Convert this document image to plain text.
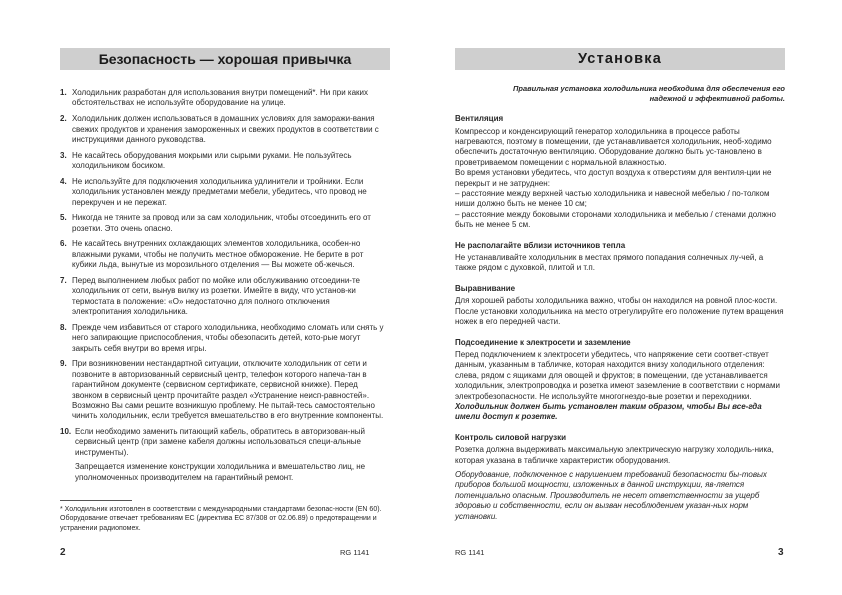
Безопасность — хорошая привычка
1. Холодильник разработан для использования внутри помещений*. Ни при каких обстоятельствах не используйте оборудование на улице.
2. Холодильник должен использоваться в домашних условиях для заморажи-вания свежих продуктов и хранения замороженных и свежих продуктов в соответствии с инструкциями данного руководства.
3. Не касайтесь оборудования мокрыми или сырыми руками. Не пользуйтесь холодильником босиком.
4. Не используйте для подключения холодильника удлинители и тройники. Если холодильник установлен между предметами мебели, убедитесь, что провод не перекручен и не пережат.
5. Никогда не тяните за провод или за сам холодильник, чтобы отсоединить его от розетки. Это очень опасно.
6. Не касайтесь внутренних охлаждающих элементов холодильника, особен-но влажными руками, чтобы не получить местное обморожение. Не берите в рот кубики льда, вынутые из морозильного отделения — Вы можете об-жечься.
7. Перед выполнением любых работ по мойке или обслуживанию отсоедини-те холодильник от сети, вынув вилку из розетки. Имейте в виду, что установ-ки термостата в положение: «O» недостаточно для полного отключения электропитания холодильника.
8. Прежде чем избавиться от старого холодильника, необходимо сломать или снять у него запирающие приспособления, чтобы обезопасить детей, кото-рые могут закрыть себя внутри во время игры.
9. При возникновении нестандартной ситуации, отключите холодильник от сети и позвоните в авторизованный сервисный центр, телефон которого напеча-тан в гарантийном документе (сервисном сертификате, сервисной книжке). Перед звонком в сервисный центр прочитайте раздел «Устранение неисп-равностей». Возможно Вы сами решите возникшую проблему. Не пытай-тесь самостоятельно чинить холодильник, если требуется вмешательство в его внутренние компоненты.
10. Если необходимо заменить питающий кабель, обратитесь в авторизован-ный сервисный центр (при замене кабеля должны использоваться специ-альные инструменты).
Запрещается изменение конструкции холодильника и вмешательство лиц, не уполномоченных производителем на гарантийный ремонт.
* Холодильник изготовлен в соответствии с международными стандартами безопас-ности (EN 60). Оборудование отвечает требованиям ЕС (директива ЕС 87/308 от 02.06.89) о предотвращении и устранении радиопомех.
2	RG 1141
Установка
Правильная установка холодильника необходима для обеспечения его надежной и эффективной работы.
Вентиляция
Компрессор и конденсирующий генератор холодильника в процессе работы нагреваются, поэтому в помещении, где устанавливается холодильник, необ-ходимо обеспечить достаточную вентиляцию. Оборудование должно быть ус-тановлено в проветриваемом помещении с нормальной влажностью.
Во время установки убедитесь, что доступ воздуха к отверстиям для вентиля-ции не перекрыт и не затруднен:
– расстояние между верхней частью холодильника и навесной мебелью / по-толком ниши должно быть не менее 10 см;
– расстояние между боковыми сторонами холодильника и мебелью / стенами должно быть не менее 5 см.
Не располагайте вблизи источников тепла
Не устанавливайте холодильник в местах прямого попадания солнечных лу-чей, а также рядом с духовкой, плитой и т.п.
Выравнивание
Для хорошей работы холодильника важно, чтобы он находился на ровной плос-кости. После установки холодильника на место отрегулируйте его положение путем вращения ножек в его передней части.
Подсоединение к электросети и заземление
Перед подключением к электросети убедитесь, что напряжение сети соответ-ствует данным, указанным в табличке, которая находится внизу холодильного отделения: слева, рядом с ящиками для овощей и фруктов; в помещении, где устанавливается холодильник, электропроводка и розетка имеют заземление в соответствии с нормами электробезопасности. Не используйте многогнездо-вые розетки и переходники.
Холодильник должен быть установлен таким образом, чтобы Вы все-гда имели доступ к розетке.
Контроль силовой нагрузки
Розетка должна выдерживать максимальную электрическую нагрузку холодиль-ника, которая указана в табличке характеристик оборудования.
Оборудование, подключенное с нарушением требований безопасности бы-товых приборов большой мощности, изложенных в данной инструкции, яв-ляется потенциально опасным. Производитель не несет ответственности за ущерб здоровью и собственности, если он вызван несоблюдением указан-ных норм установки.
RG 1141	3
